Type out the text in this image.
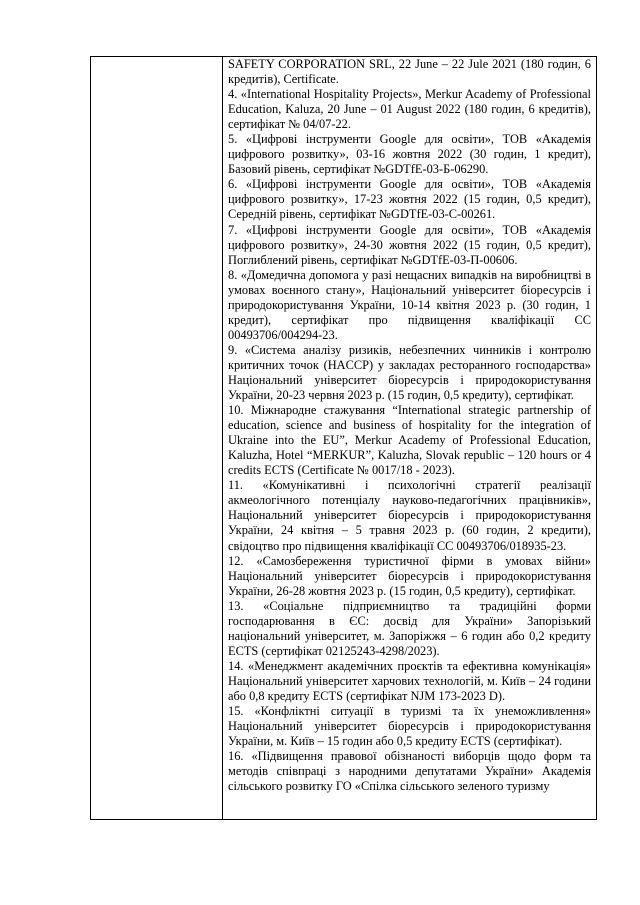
SAFETY CORPORATION SRL, 22 June – 22 Jule 2021 (180 годин, 6 кредитів), Certificate.

4. «International Hospitality Projects», Merkur Academy of Professional Education, Kaluza, 20 June – 01 August 2022 (180 годин, 6 кредитів), сертифікат № 04/07-22.

5. «Цифрові інструменти Google для освіти», ТОВ «Академія цифрового розвитку», 03-16 жовтня 2022 (30 годин, 1 кредит), Базовий рівень, сертифікат №GDTfE-03-Б-06290.

6. «Цифрові інструменти Google для освіти», ТОВ «Академія цифрового розвитку», 17-23 жовтня 2022 (15 годин, 0,5 кредит), Середній рівень, сертифікат №GDTfE-03-С-00261.

7. «Цифрові інструменти Google для освіти», ТОВ «Академія цифрового розвитку», 24-30 жовтня 2022 (15 годин, 0,5 кредит), Поглиблений рівень, сертифікат №GDTfE-03-П-00606.

8. «Домедична допомога у разі нещасних випадків на виробництві в умовах воєнного стану», Національний університет біоресурсів і природокористування України, 10-14 квітня 2023 р. (30 годин, 1 кредит), сертифікат про підвищення кваліфікації СС 00493706/004294-23.

9. «Система аналізу ризиків, небезпечних чинників і контролю критичних точок (HACCP) у закладах ресторанного господарства» Національний університет біоресурсів і природокористування України, 20-23 червня 2023 р. (15 годин, 0,5 кредиту), сертифікат.

10. Міжнародне стажування “International strategic partnership of education, science and business of hospitality for the integration of Ukraine into the EU”, Merkur Academy of Professional Education, Kaluzha, Hotel “MERKUR”, Kaluzha, Slovak republic – 120 hours or 4 credits ECTS (Certificate № 0017/18 - 2023).

11. «Комунікативні і психологічні стратегії реалізації акмеологічного потенціалу науково-педагогічних працівників», Національний університет біоресурсів і природокористування України, 24 квітня – 5 травня 2023 р. (60 годин, 2 кредити), свідоцтво про підвищення кваліфікації СС 00493706/018935-23.

12. «Самозбереження туристичної фірми в умовах війни» Національний університет біоресурсів і природокористування України, 26-28 жовтня 2023 р. (15 годин, 0,5 кредиту), сертифікат.

13. «Соціальне підприємництво та традиційні форми господарювання в ЄС: досвід для України» Запорізький національний університет, м. Запоріжжя – 6 годин або 0,2 кредиту ECTS (сертифікат 02125243-4298/2023).

14. «Менеджмент академічних проєктів та ефективна комунікація» Національний університет харчових технологій, м. Київ – 24 години або 0,8 кредиту ECTS (сертифікат NJM 173-2023 D).

15. «Конфліктні ситуації в туризмі та їх унеможливлення» Національний університет біоресурсів і природокористування України, м. Київ – 15 годин або 0,5 кредиту ECTS (сертифікат).

16. «Підвищення правової обізнаності виборців щодо форм та методів співпраці з народними депутатами України» Академія сільського розвитку ГО «Спілка сільського зеленого туризму
